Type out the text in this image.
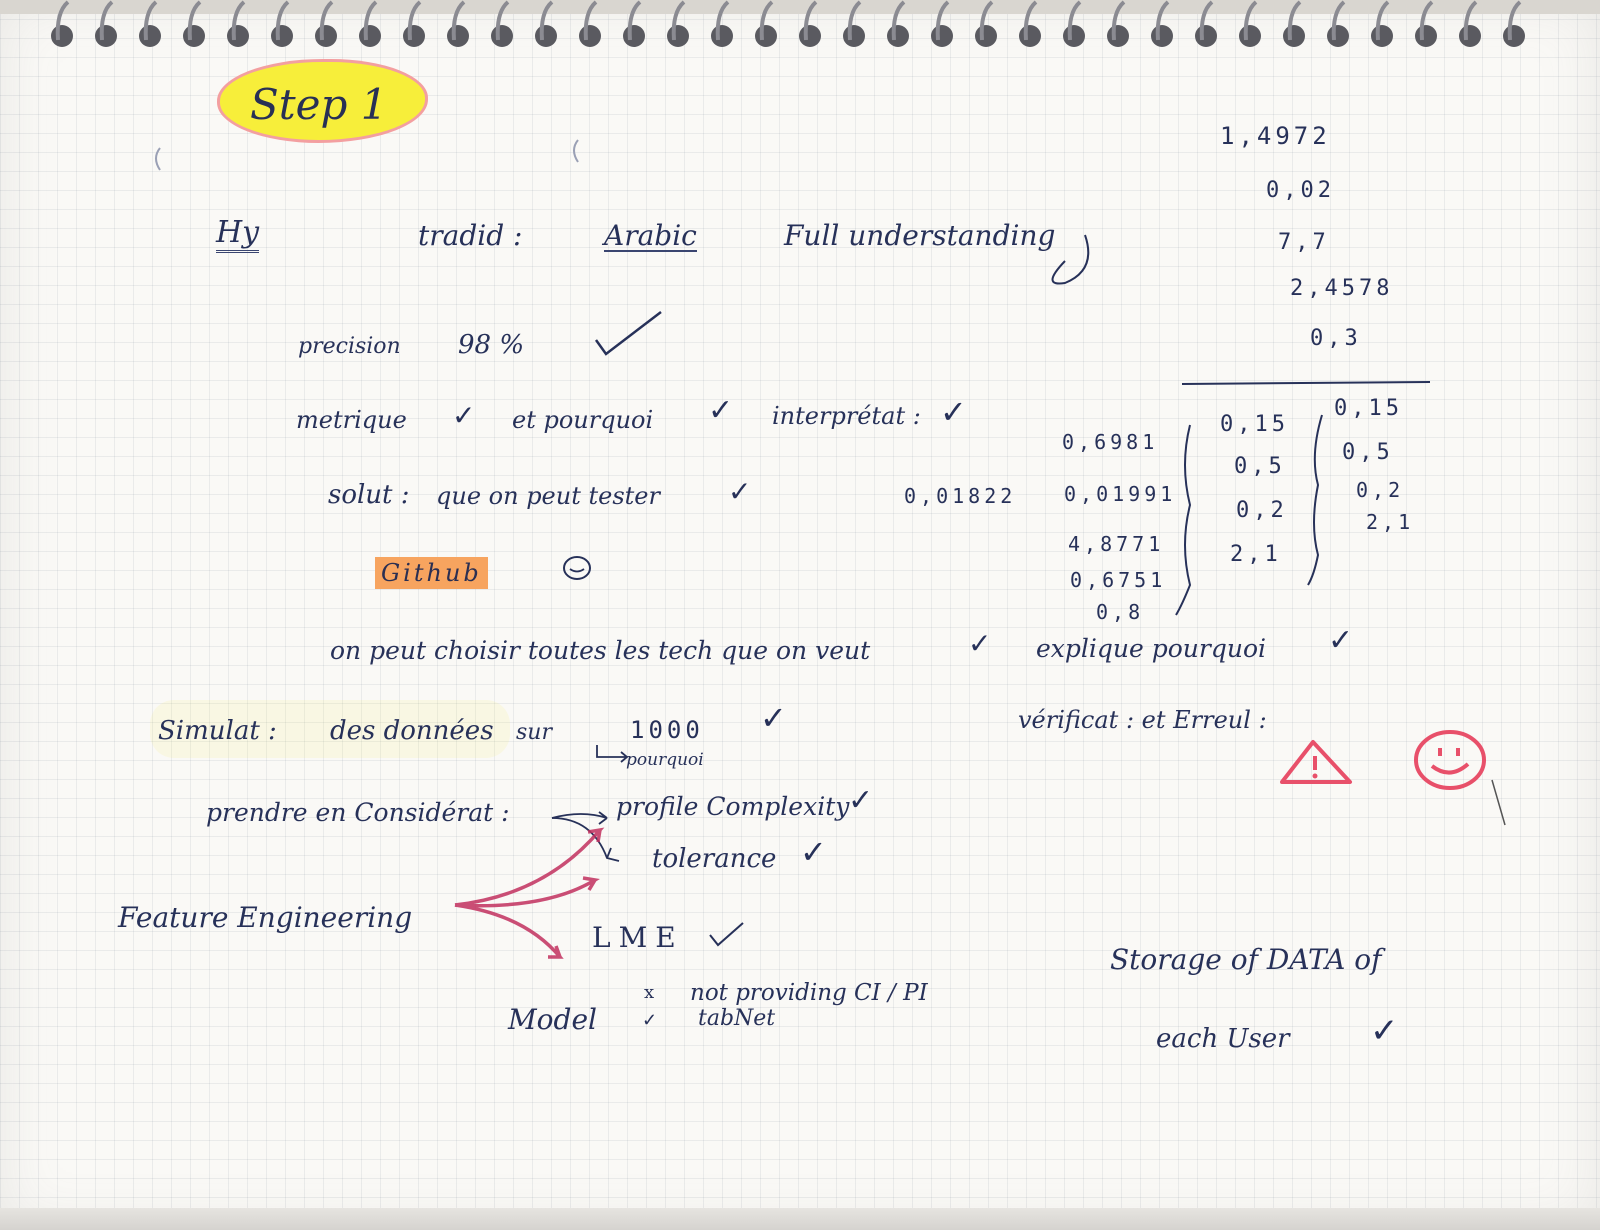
Step 1
Hy	tradid :	Arabic	Full understanding
precision 98 %
metrique ✓ et pourquoi ✓ interprétat : ✓
solut : que on peut tester ✓	0,01822
Github
on peut choisir toutes les tech que on veut	✓ explique pourquoi ✓
Simulat : des données sur	1000 ✓
pourquoi
vérificat : et Erreul :
prendre en Considérat :	profile Complexity
✓
tolerance ✓
Feature Engineering
LME
Model
x
✓
not providing CI / PI
tabNet
Storage of DATA of
each User ✓
1,4972
0,02
7,7
2,4578
0,3
0,6981
0,01991
4,8771
0,6751
0,8
0,15
0,5
0,2
2,1
0,15
0,5
0,2
2,1
